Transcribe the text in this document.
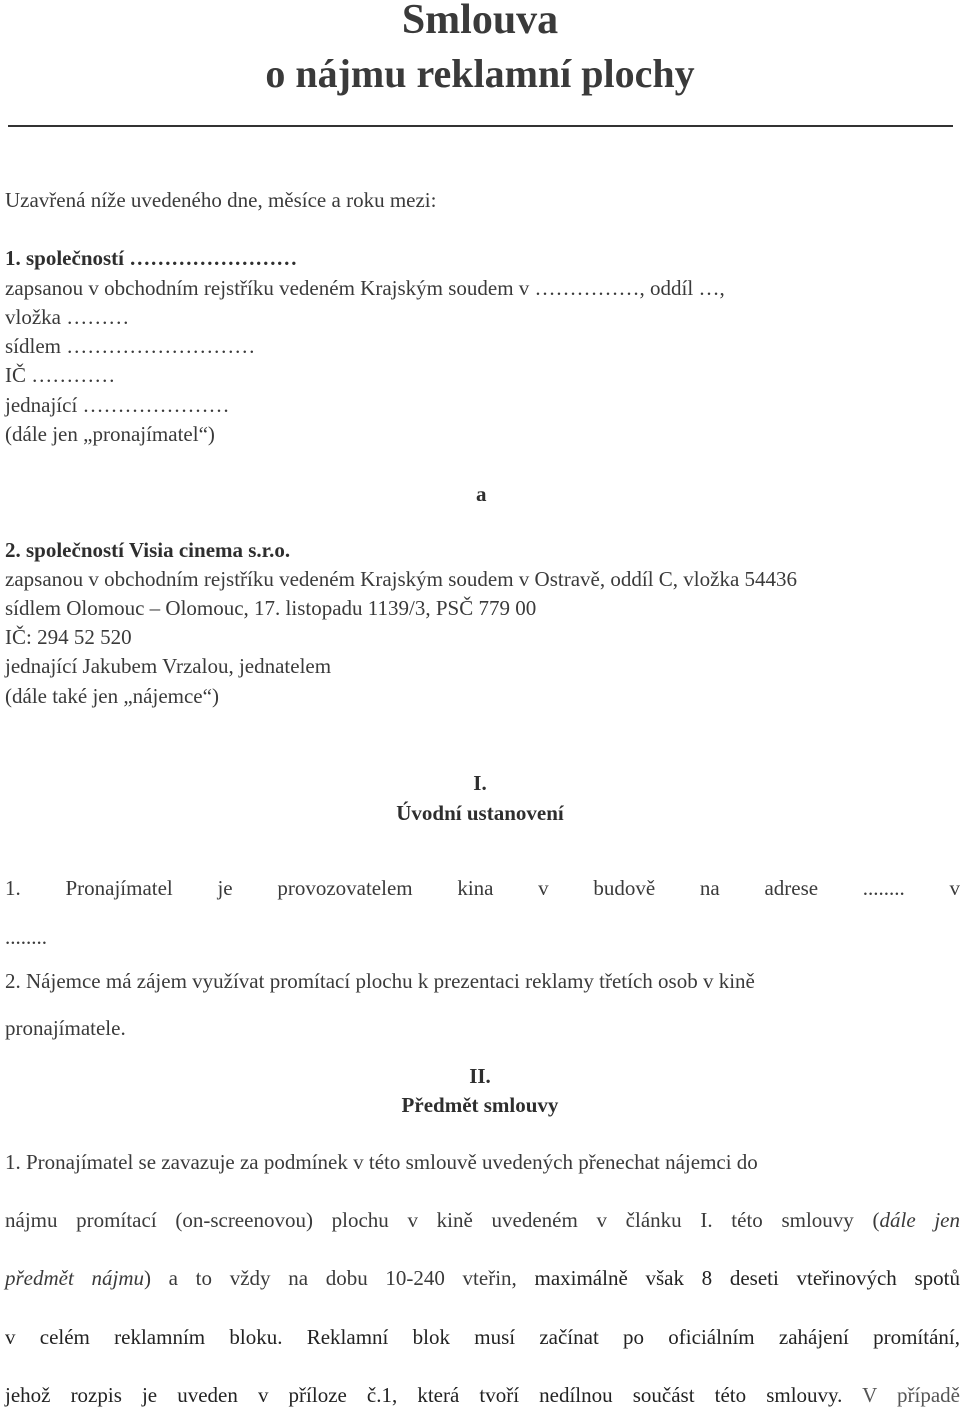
Smlouva
o nájmu reklamní plochy
Uzavřená níže uvedeného dne, měsíce a roku mezi:
1. společností ……………………
zapsanou v obchodním rejstříku vedeném Krajským soudem v ……………, oddíl …,
vložka ………
sídlem ………………………
IČ …………
jednající …………………
(dále jen „pronajímatel“)
a
2. společností Visia cinema s.r.o.
zapsanou v obchodním rejstříku vedeném Krajským soudem v Ostravě, oddíl C, vložka 54436
sídlem Olomouc – Olomouc, 17. listopadu 1139/3, PSČ 779 00
IČ: 294 52 520
jednající Jakubem Vrzalou, jednatelem
(dále také jen „nájemce“)
I.
Úvodní ustanovení
1. Pronajímatel je provozovatelem kina v budově na adrese ........ v
........
2. Nájemce má zájem využívat promítací plochu k prezentaci reklamy třetích osob v kině
pronajímatele.
II.
Předmět smlouvy
1. Pronajímatel se zavazuje za podmínek v této smlouvě uvedených přenechat nájemci do
nájmu promítací (on-screenovou) plochu v kině uvedeném v článku I. této smlouvy (dále jen
předmět nájmu) a to vždy na dobu 10-240 vteřin, maximálně však 8 deseti vteřinových spotů
v celém reklamním bloku. Reklamní blok musí začínat po oficiálním zahájení promítání,
jehož rozpis je uveden v příloze č.1, která tvoří nedílnou součást této smlouvy. V případě
